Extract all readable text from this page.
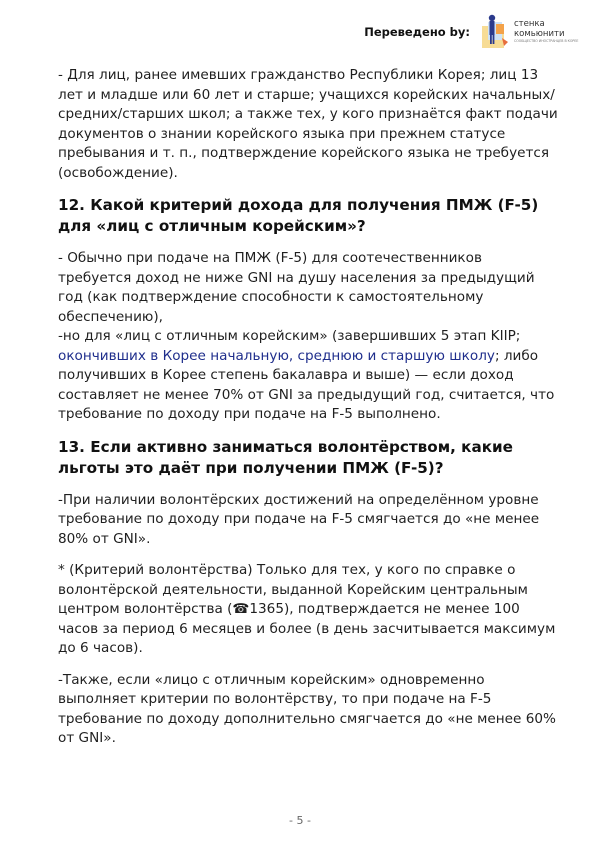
Переведено by:
стенка
комьюнити
СООБЩЕСТВО ИНОСТРАНЦЕВ В КОРЕЕ

- Для лиц, ранее имевших гражданство Республики Корея; лиц 13 лет и младше или 60 лет и старше; учащихся корейских начальных/средних/старших школ; а также тех, у кого признаётся факт подачи документов о знании корейского языка при прежнем статусе пребывания и т. п., подтверждение корейского языка не требуется (освобождение).

12. Какой критерий дохода для получения ПМЖ (F-5) для «лиц с отличным корейским»?

- Обычно при подаче на ПМЖ (F-5) для соотечественников требуется доход не ниже GNI на душу населения за предыдущий год (как подтверждение способности к самостоятельному обеспечению),

-но для «лиц с отличным корейским» (завершивших 5 этап KIIP; окончивших в Корее начальную, среднюю и старшую школу; либо получивших в Корее степень бакалавра и выше) — если доход составляет не менее 70% от GNI за предыдущий год, считается, что требование по доходу при подаче на F-5 выполнено.

13. Если активно заниматься волонтёрством, какие льготы это даёт при получении ПМЖ (F-5)?

-При наличии волонтёрских достижений на определённом уровне требование по доходу при подаче на F-5 смягчается до «не менее 80% от GNI».

* (Критерий волонтёрства) Только для тех, у кого по справке о волонтёрской деятельности, выданной Корейским центральным центром волонтёрства (☎1365), подтверждается не менее 100 часов за период 6 месяцев и более (в день засчитывается максимум до 6 часов).

-Также, если «лицо с отличным корейским» одновременно выполняет критерии по волонтёрству, то при подаче на F-5 требование по доходу дополнительно смягчается до «не менее 60% от GNI».

- 5 -
